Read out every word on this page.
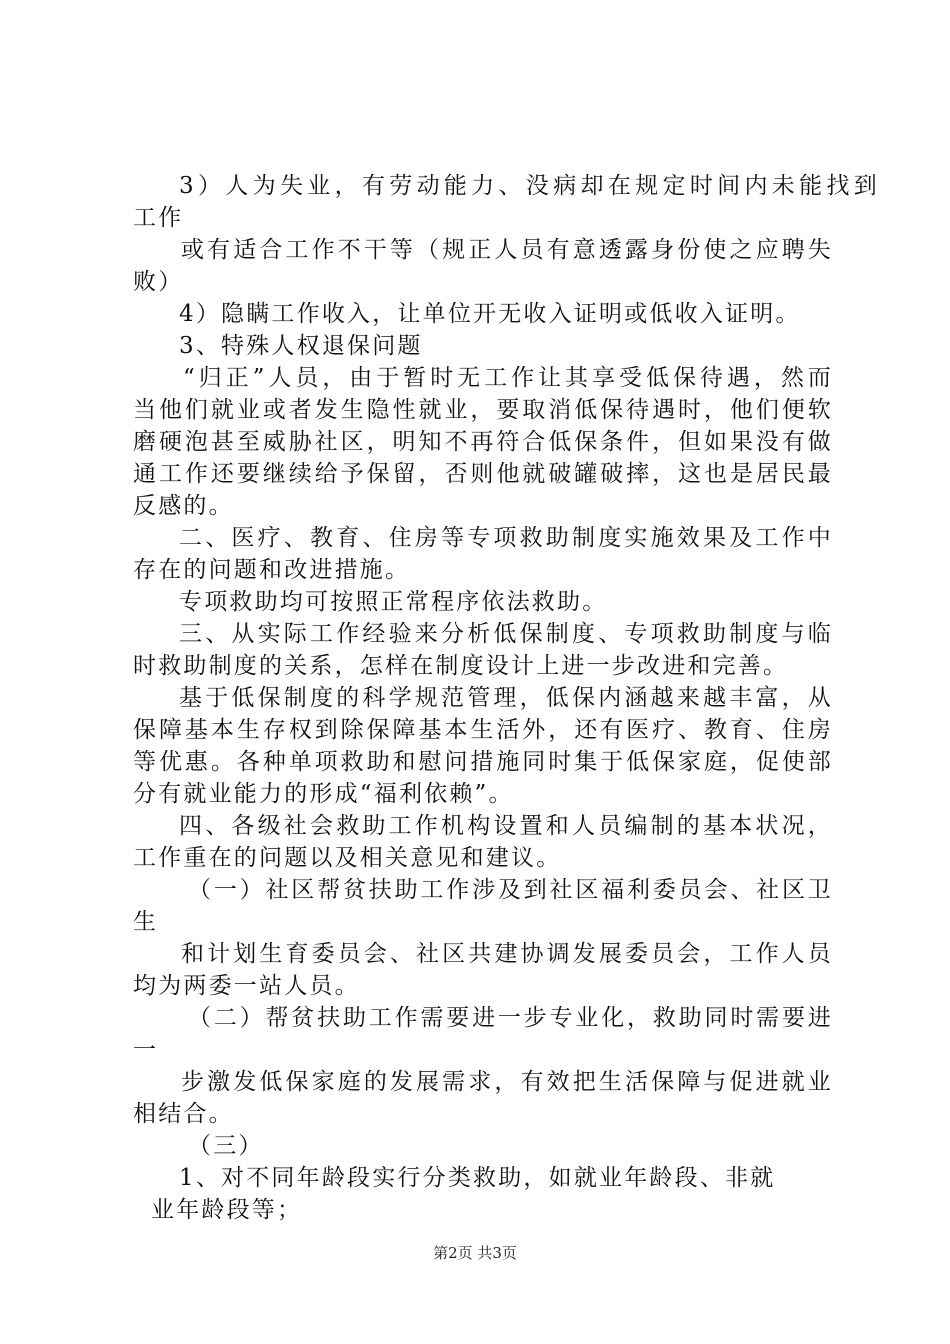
3）人为失业，有劳动能力、没病却在规定时间内未能找到
工作
或有适合工作不干等（规正人员有意透露身份使之应聘失
败）
4）隐瞒工作收入，让单位开无收入证明或低收入证明。
3、特殊人权退保问题
“归正”人员，由于暂时无工作让其享受低保待遇，然而
当他们就业或者发生隐性就业，要取消低保待遇时，他们便软
磨硬泡甚至威胁社区，明知不再符合低保条件，但如果没有做
通工作还要继续给予保留，否则他就破罐破摔，这也是居民最
反感的。
二、医疗、教育、住房等专项救助制度实施效果及工作中
存在的问题和改进措施。
专项救助均可按照正常程序依法救助。
三、从实际工作经验来分析低保制度、专项救助制度与临
时救助制度的关系，怎样在制度设计上进一步改进和完善。
基于低保制度的科学规范管理，低保内涵越来越丰富，从
保障基本生存权到除保障基本生活外，还有医疗、教育、住房
等优惠。各种单项救助和慰问措施同时集于低保家庭，促使部
分有就业能力的形成“福利依赖”。
四、各级社会救助工作机构设置和人员编制的基本状况，
工作重在的问题以及相关意见和建议。
（一）社区帮贫扶助工作涉及到社区福利委员会、社区卫
生
和计划生育委员会、社区共建协调发展委员会，工作人员
均为两委一站人员。
（二）帮贫扶助工作需要进一步专业化，救助同时需要进
一
步激发低保家庭的发展需求，有效把生活保障与促进就业
相结合。
（三）
1、对不同年龄段实行分类救助，如就业年龄段、非就
业年龄段等；
第2页 共3页
